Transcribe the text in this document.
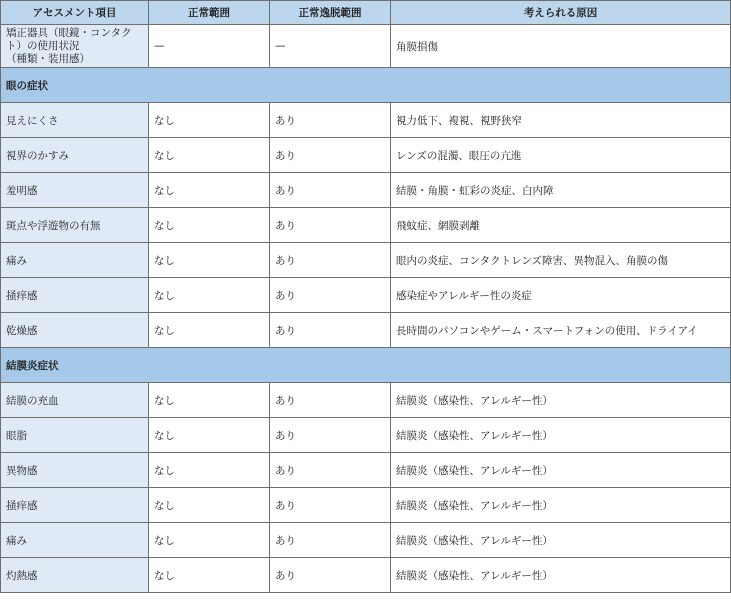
アセスメント項目	正常範囲	正常逸脱範囲	考えられる原因

矯正器具（眼鏡・コンタク
ト）の使用状況
（種類・装用感）	—	—	角膜損傷
眼の症状			
見えにくさ	なし	あり	視力低下、複視、視野狭窄
視界のかすみ	なし	あり	レンズの混濁、眼圧の亢進
羞明感	なし	あり	結膜・角膜・虹彩の炎症、白内障
斑点や浮遊物の有無	なし	あり	飛蚊症、網膜剥離
痛み	なし	あり	眼内の炎症、コンタクトレンズ障害、異物混入、角膜の傷
掻痒感	なし	あり	感染症やアレルギー性の炎症
乾燥感	なし	あり	長時間のパソコンやゲーム・スマートフォンの使用、ドライアイ
結膜炎症状			
結膜の充血	なし	あり	結膜炎（感染性、アレルギー性）
眼脂	なし	あり	結膜炎（感染性、アレルギー性）
異物感	なし	あり	結膜炎（感染性、アレルギー性）
掻痒感	なし	あり	結膜炎（感染性、アレルギー性）
痛み	なし	あり	結膜炎（感染性、アレルギー性）
灼熱感	なし	あり	結膜炎（感染性、アレルギー性）
